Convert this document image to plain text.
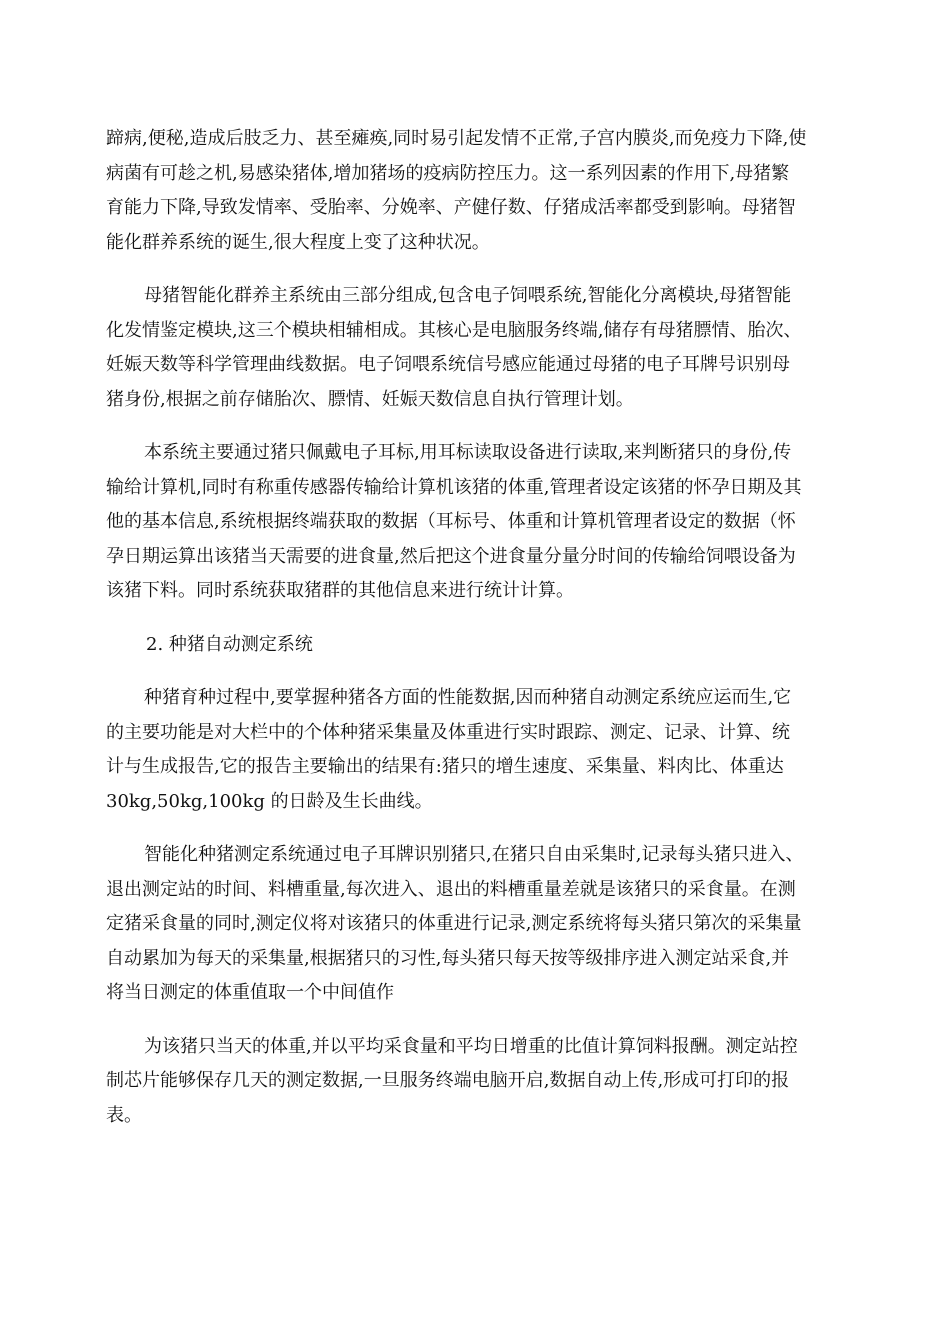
蹄病,便秘,造成后肢乏力、甚至瘫痪,同时易引起发情不正常,子宫内膜炎,而免疫力下降,使
病菌有可趁之机,易感染猪体,增加猪场的疫病防控压力。这一系列因素的作用下,母猪繁
育能力下降,导致发情率、受胎率、分娩率、产健仔数、仔猪成活率都受到影响。母猪智
能化群养系统的诞生,很大程度上变了这种状况。
母猪智能化群养主系统由三部分组成,包含电子饲喂系统,智能化分离模块,母猪智能
化发情鉴定模块,这三个模块相辅相成。其核心是电脑服务终端,储存有母猪膘情、胎次、
妊娠天数等科学管理曲线数据。电子饲喂系统信号感应能通过母猪的电子耳牌号识别母
猪身份,根据之前存储胎次、膘情、妊娠天数信息自执行管理计划。
本系统主要通过猪只佩戴电子耳标,用耳标读取设备进行读取,来判断猪只的身份,传
输给计算机,同时有称重传感器传输给计算机该猪的体重,管理者设定该猪的怀孕日期及其
他的基本信息,系统根据终端获取的数据（耳标号、体重和计算机管理者设定的数据（怀
孕日期运算出该猪当天需要的进食量,然后把这个进食量分量分时间的传输给饲喂设备为
该猪下料。同时系统获取猪群的其他信息来进行统计计算。
2. 种猪自动测定系统
种猪育种过程中,要掌握种猪各方面的性能数据,因而种猪自动测定系统应运而生,它
的主要功能是对大栏中的个体种猪采集量及体重进行实时跟踪、测定、记录、计算、统
计与生成报告,它的报告主要输出的结果有:猪只的增生速度、采集量、料肉比、体重达
30kg,50kg,100kg 的日龄及生长曲线。
智能化种猪测定系统通过电子耳牌识别猪只,在猪只自由采集时,记录每头猪只进入、
退出测定站的时间、料槽重量,每次进入、退出的料槽重量差就是该猪只的采食量。在测
定猪采食量的同时,测定仪将对该猪只的体重进行记录,测定系统将每头猪只第次的采集量
自动累加为每天的采集量,根据猪只的习性,每头猪只每天按等级排序进入测定站采食,并
将当日测定的体重值取一个中间值作
为该猪只当天的体重,并以平均采食量和平均日增重的比值计算饲料报酬。测定站控
制芯片能够保存几天的测定数据,一旦服务终端电脑开启,数据自动上传,形成可打印的报
表。
